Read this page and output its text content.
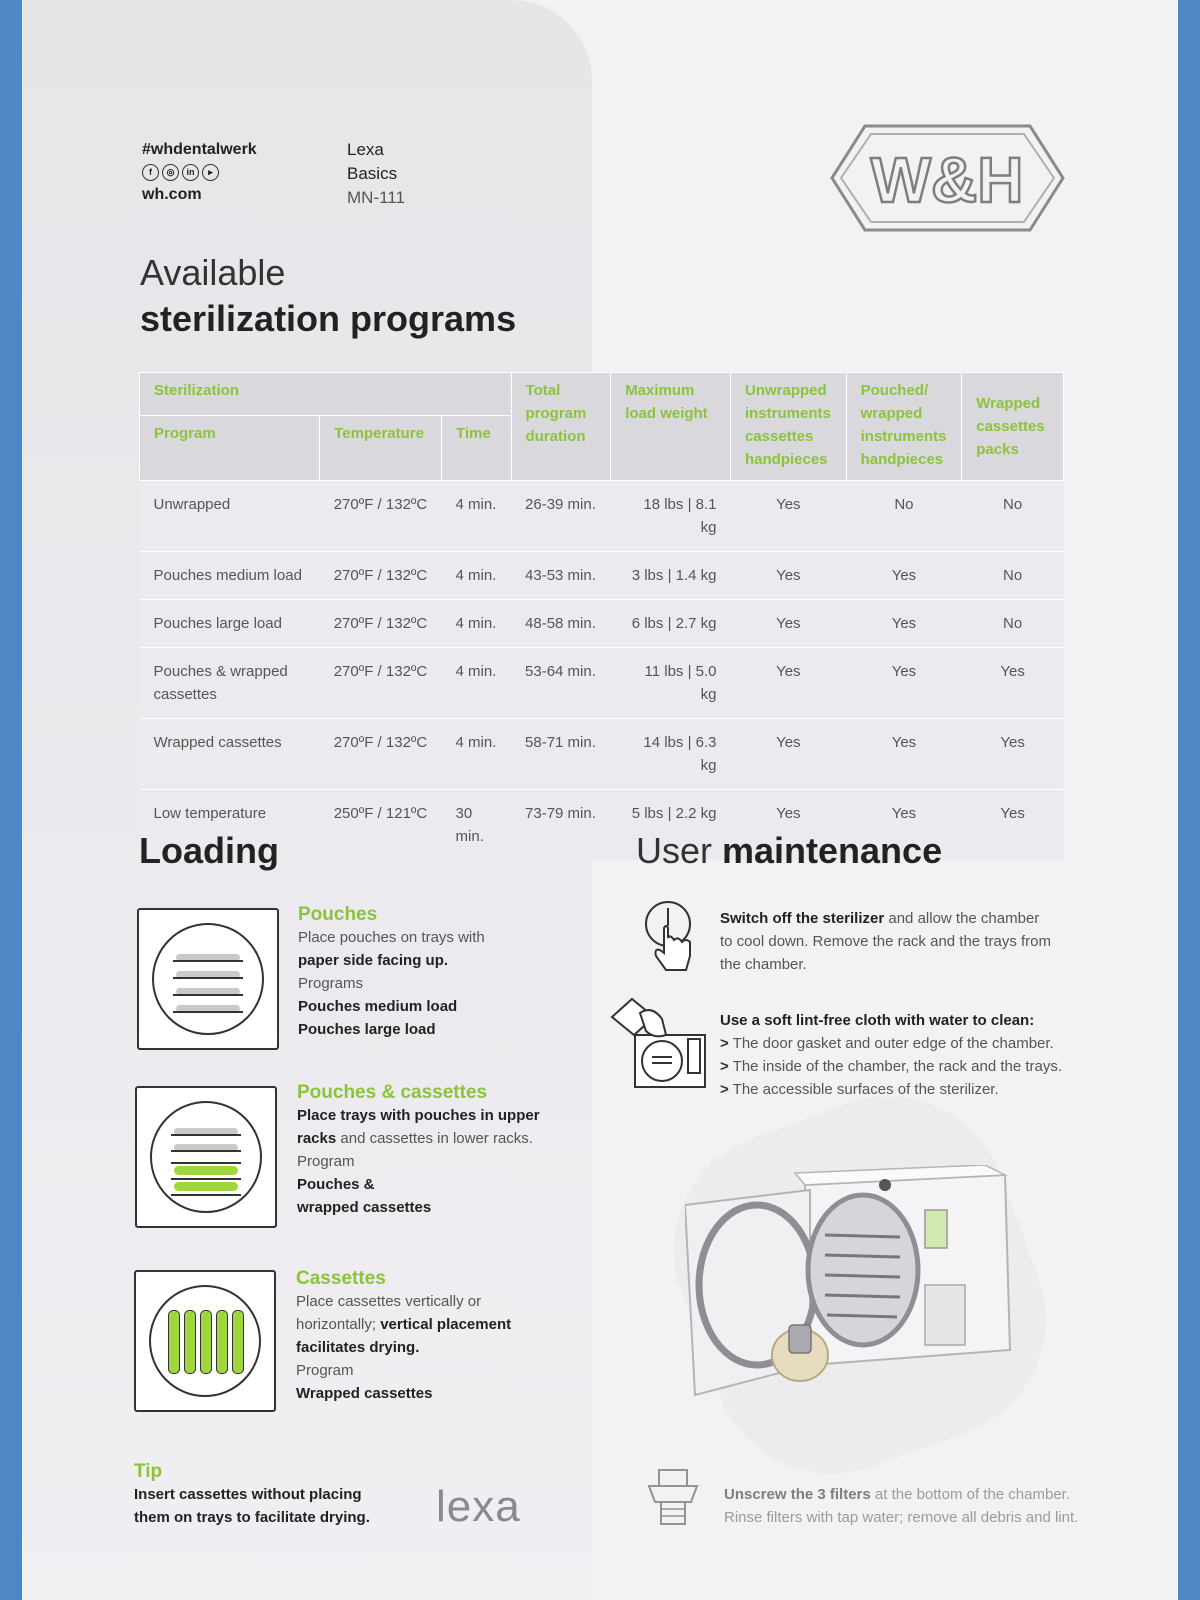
#whdentalwerk
f	◎	in	▸
wh.com
Lexa
Basics
MN-111	W&H
Available
sterilization programs
Sterilization			Total program duration	Maximum load weight	Unwrapped instruments cassettes handpieces	Pouched/ wrapped instruments handpieces	Wrapped cassettes packs
Program	Temperature	Time					
Unwrapped	270ºF / 132ºC	4 min.	26-39 min.	18 lbs | 8.1 kg	Yes	No	No
Pouches medium load	270ºF / 132ºC	4 min.	43-53 min.	3 lbs | 1.4 kg	Yes	Yes	No
Pouches large load	270ºF / 132ºC	4 min.	48-58 min.	6 lbs | 2.7 kg	Yes	Yes	No
Pouches & wrapped cassettes	270ºF / 132ºC	4 min.	53-64 min.	11 lbs | 5.0 kg	Yes	Yes	Yes
Wrapped cassettes	270ºF / 132ºC	4 min.	58-71 min.	14 lbs | 6.3 kg	Yes	Yes	Yes
Low temperature	250ºF / 121ºC	30 min.	73-79 min.	5 lbs | 2.2 kg	Yes	Yes	Yes
Loading
Pouches
Place pouches on trays with
paper side facing up.
Programs
Pouches medium load
Pouches large load
Pouches & cassettes
Place trays with pouches in upper
racks and cassettes in lower racks.
Program
Pouches &
wrapped cassettes
Cassettes
Place cassettes vertically or
horizontally; vertical placement
facilitates drying.
Program
Wrapped cassettes
Tip
Insert cassettes without placing
them on trays to facilitate drying. lexa
User maintenance
Switch off the sterilizer and allow the chamber
to cool down. Remove the rack and the trays from
the chamber.
Use a soft lint-free cloth with water to clean:
> The door gasket and outer edge of the chamber.
> The inside of the chamber, the rack and the trays.
> The accessible surfaces of the sterilizer.
Unscrew the 3 filters at the bottom of the chamber.
Rinse filters with tap water; remove all debris and lint.
